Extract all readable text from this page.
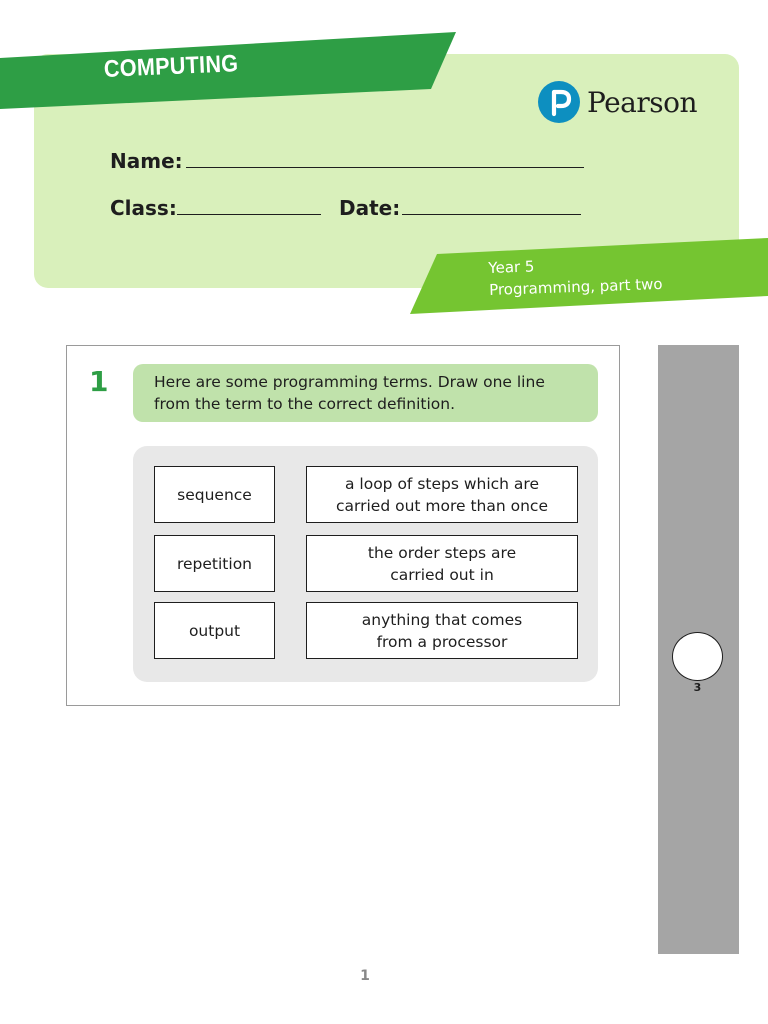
COMPUTING
Pearson
Name:
Class:	Date:
Year 5
Programming, part two
1	Here are some programming terms. Draw one line from the term to the correct definition.
sequence
repetition
output
a loop of steps which are
carried out more than once
the order steps are
carried out in
anything that comes
from a processor
3
1
